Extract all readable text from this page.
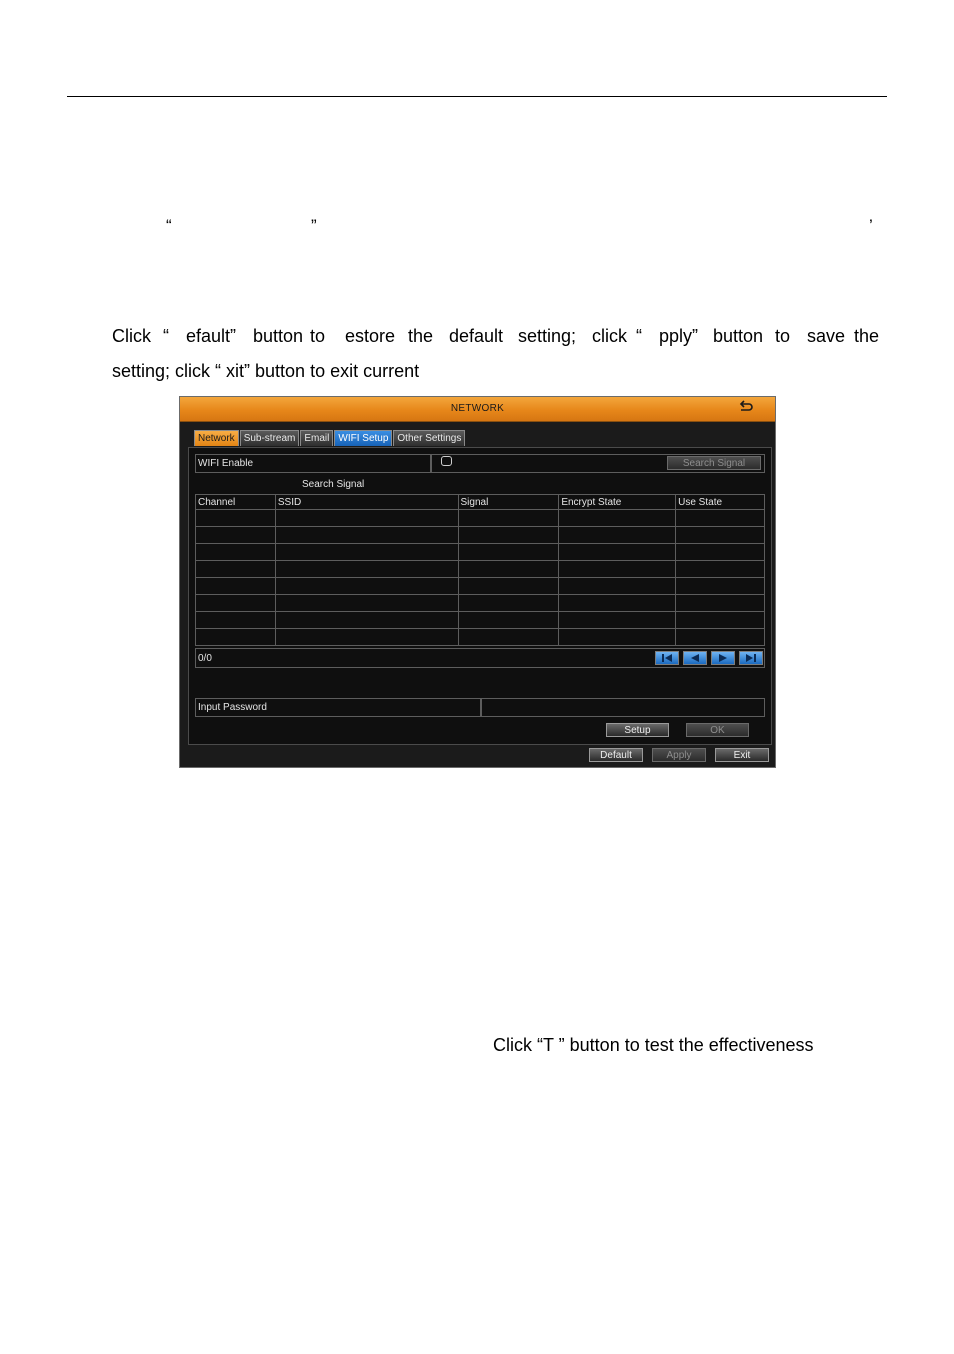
“	”	’
Click “ efault” button to estore the default setting; click “ pply” button to save the
setting; click “ xit” button to exit current
NETWORK
Network Sub-stream Email WIFI Setup Other Settings
WIFI Enable	Search Signal
Search Signal
Channel	SSID	Signal	Encrypt State	Use State

0/0
Input Password
Setup	OK
Default	Apply	Exit
Click “T ” button to test the effectiveness
